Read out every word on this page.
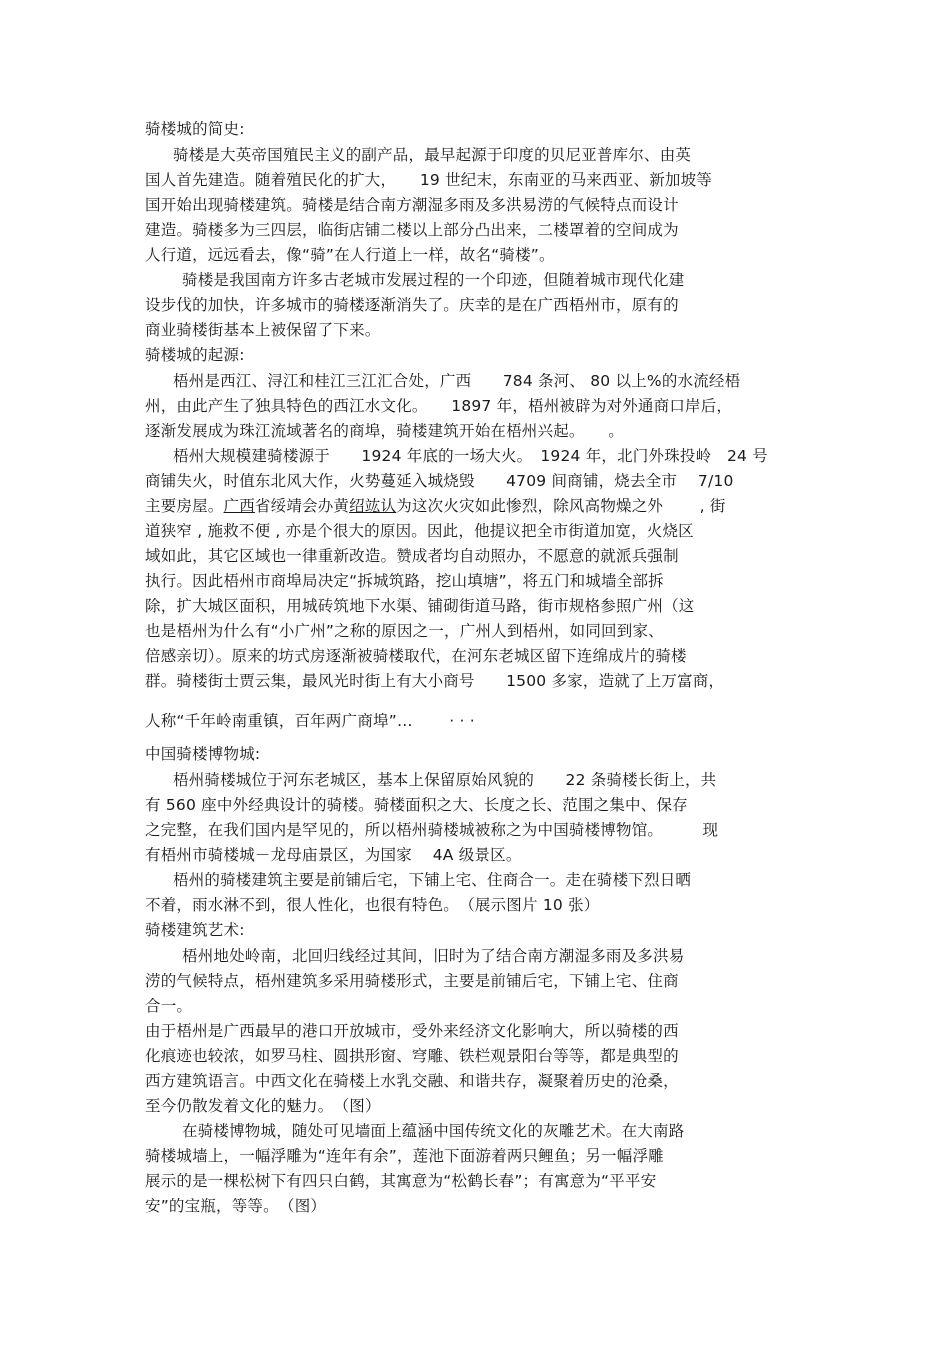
骑楼城的简史:
骑楼是大英帝国殖民主义的副产品，最早起源于印度的贝尼亚普库尔、由英
国人首先建造。随着殖民化的扩大，　　19 世纪末，东南亚的马来西亚、新加坡等
国开始出现骑楼建筑。骑楼是结合南方潮湿多雨及多洪易涝的气候特点而设计
建造。骑楼多为三四层，临街店铺二楼以上部分凸出来，二楼罩着的空间成为
人行道，远远看去，像“骑”在人行道上一样，故名“骑楼”。
骑楼是我国南方许多古老城市发展过程的一个印迹，但随着城市现代化建
设步伐的加快，许多城市的骑楼逐渐消失了。庆幸的是在广西梧州市，原有的
商业骑楼街基本上被保留了下来。
骑楼城的起源:
梧州是西江、浔江和桂江三江汇合处，广西　　784 条河、 80 以上%的水流经梧
州，由此产生了独具特色的西江水文化。　　1897 年，梧州被辟为对外通商口岸后，
逐渐发展成为珠江流域著名的商埠，骑楼建筑开始在梧州兴起。　　。
梧州大规模建骑楼源于　　1924 年底的一场大火。　1924 年，北门外珠投岭　24 号
商铺失火，时值东北风大作，火势蔓延入城烧毁　　4709 间商铺，烧去全市　 7/10
主要房屋。广西省绥靖会办黄绍竑认为这次火灾如此惨烈，除风高物燥之外　　 , 街
道狭窄 , 施救不便 , 亦是个很大的原因。因此，他提议把全市街道加宽，火烧区
域如此，其它区域也一律重新改造。赞成者均自动照办，不愿意的就派兵强制
执行。因此梧州市商埠局决定“拆城筑路，挖山填塘”，将五门和城墙全部拆
除，扩大城区面积，用城砖筑地下水渠、铺砌街道马路，街市规格参照广州（这
也是梧州为什么有“小广州”之称的原因之一，广州人到梧州，如同回到家、
倍感亲切）。原来的坊式房逐渐被骑楼取代，在河东老城区留下连绵成片的骑楼
群。骑楼街士贾云集，最风光时街上有大小商号　　1500 多家，造就了上万富商，
人称“千年岭南重镇，百年两广商埠”…　　 · · ·
中国骑楼博物城:
梧州骑楼城位于河东老城区，基本上保留原始风貌的　　22 条骑楼长街上，共
有 560 座中外经典设计的骑楼。骑楼面积之大、长度之长、范围之集中、保存
之完整，在我们国内是罕见的，所以梧州骑楼城被称之为中国骑楼博物馆。　　　现
有梧州市骑楼城－龙母庙景区，为国家　 4A 级景区。
梧州的骑楼建筑主要是前铺后宅，下铺上宅、住商合一。走在骑楼下烈日晒
不着，雨水淋不到，很人性化，也很有特色。　（展示图片 10 张）
骑楼建筑艺术:
梧州地处岭南，北回归线经过其间，旧时为了结合南方潮湿多雨及多洪易
涝的气候特点，梧州建筑多采用骑楼形式，主要是前铺后宅，下铺上宅、住商
合一。
由于梧州是广西最早的港口开放城市，受外来经济文化影响大，所以骑楼的西
化痕迹也较浓，如罗马柱、圆拱形窗、穹雕、铁栏观景阳台等等，都是典型的
西方建筑语言。中西文化在骑楼上水乳交融、和谐共存，凝聚着历史的沧桑，
至今仍散发着文化的魅力。　（图）
在骑楼博物城，随处可见墙面上蕴涵中国传统文化的灰雕艺术。在大南路
骑楼城墙上，一幅浮雕为“连年有余”，莲池下面游着两只鲤鱼；另一幅浮雕
展示的是一棵松树下有四只白鹤，其寓意为“松鹤长春”；有寓意为“平平安
安”的宝瓶，等等。　（图）
